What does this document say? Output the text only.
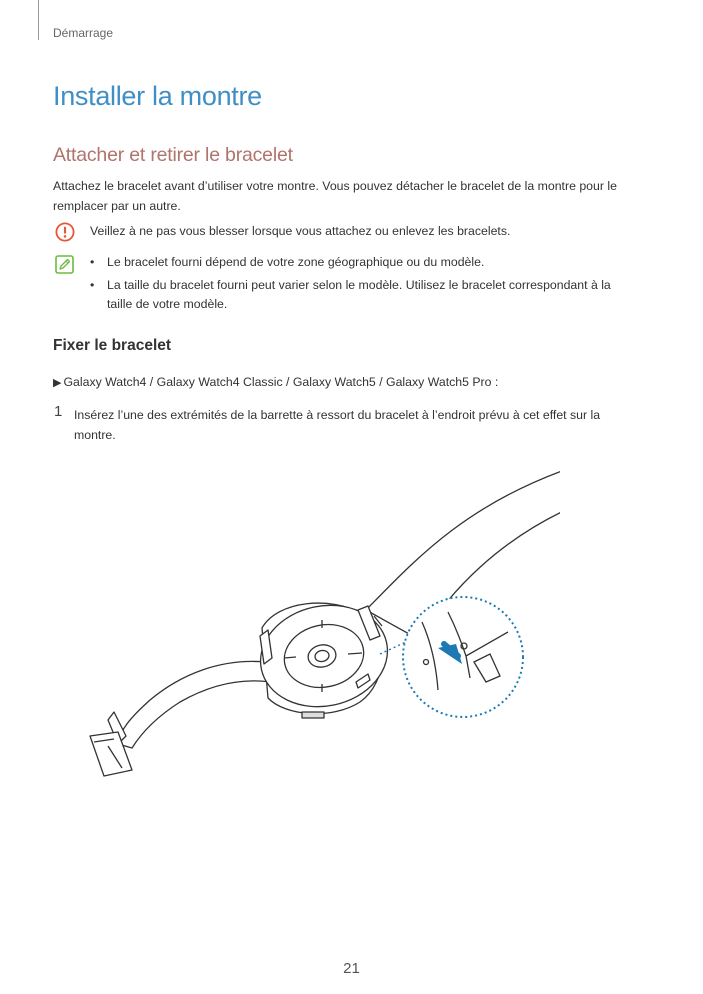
Démarrage
Installer la montre
Attacher et retirer le bracelet

Attachez le bracelet avant d’utiliser votre montre. Vous pouvez détacher le bracelet de la montre pour le remplacer par un autre.

Veillez à ne pas vous blesser lorsque vous attachez ou enlevez les bracelets.
• Le bracelet fourni dépend de votre zone géographique ou du modèle.
• La taille du bracelet fourni peut varier selon le modèle. Utilisez le bracelet correspondant à la taille de votre modèle.
Fixer le bracelet
▶ Galaxy Watch4 / Galaxy Watch4 Classic / Galaxy Watch5 / Galaxy Watch5 Pro :
1 Insérez l’une des extrémités de la barrette à ressort du bracelet à l’endroit prévu à cet effet sur la montre.

21
